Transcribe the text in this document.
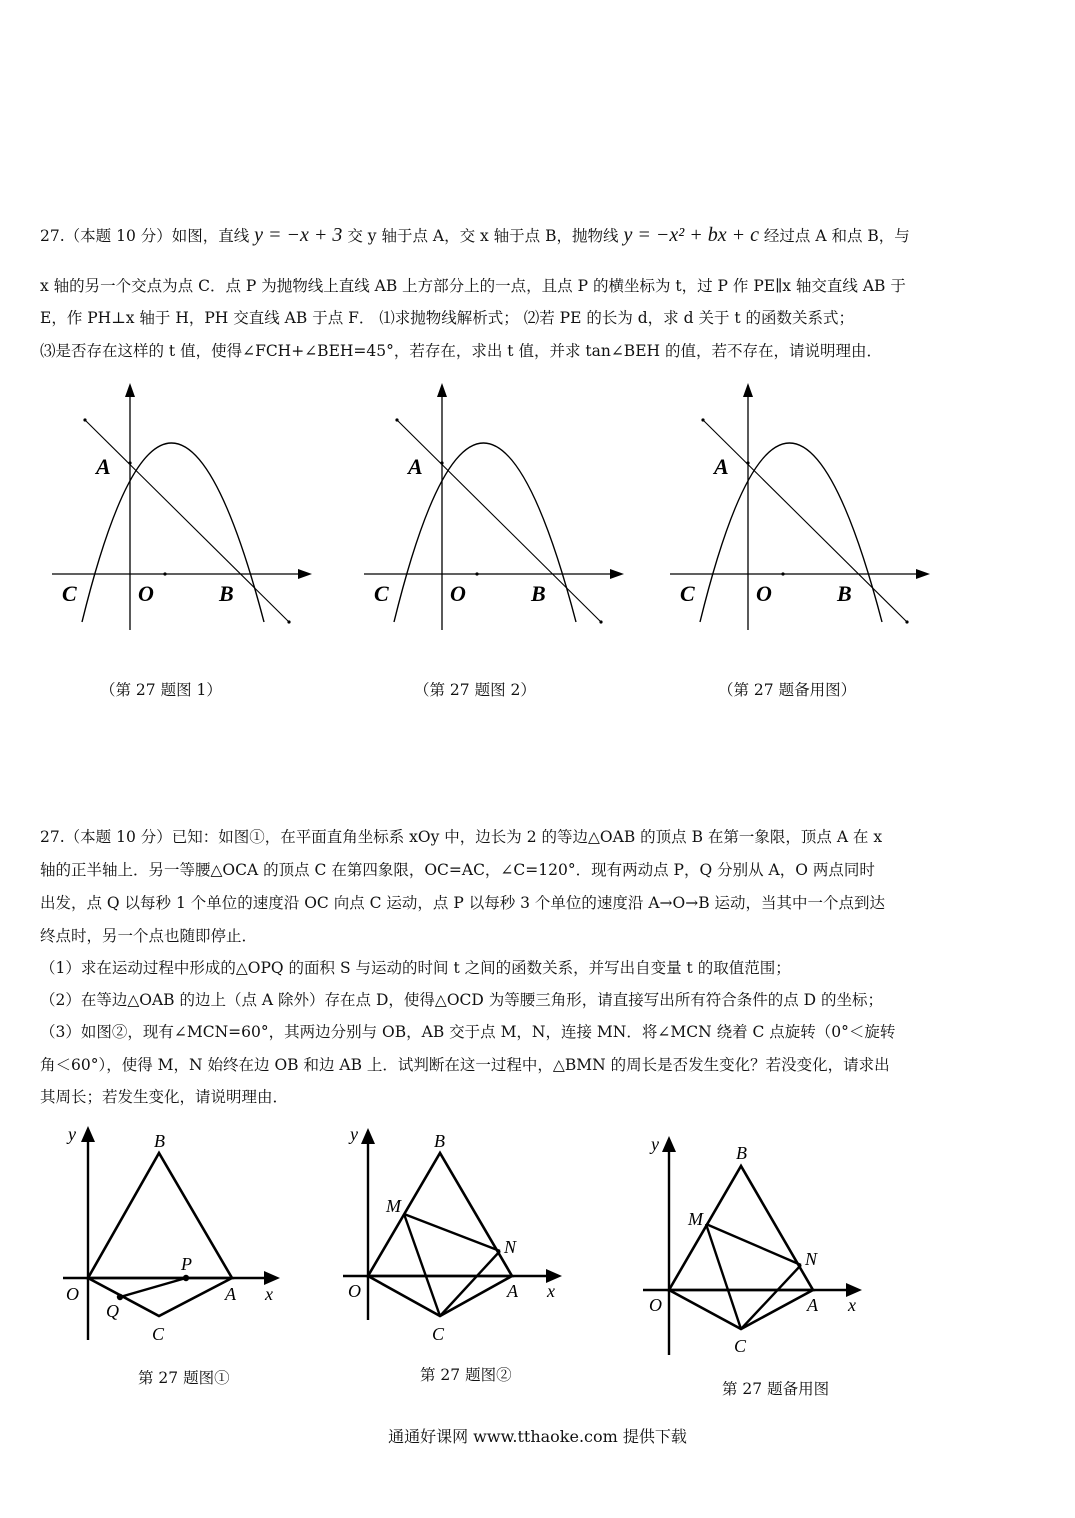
27.（本题 10 分）如图，直线 y = −x + 3 交 y 轴于点 A，交 x 轴于点 B，抛物线 y = −x² + bx + c 经过点 A 和点 B，与
x 轴的另一个交点为点 C．点 P 为抛物线上直线 AB 上方部分上的一点，且点 P 的横坐标为 t，过 P 作 PE∥x 轴交直线 AB 于
E，作 PH⊥x 轴于 H，PH 交直线 AB 于点 F． ⑴求抛物线解析式； ⑵若 PE 的长为 d，求 d 关于 t 的函数关系式；
⑶是否存在这样的 t 值，使得∠FCH+∠BEH=45°，若存在，求出 t 值，并求 tan∠BEH 的值，若不存在，请说明理由．
A
C	O	B
A
C	O	B
A
C	O	B
（第 27 题图 1）	（第 27 题图 2）	（第 27 题备用图）
27.（本题 10 分）已知：如图①，在平面直角坐标系 xOy 中，边长为 2 的等边△OAB 的顶点 B 在第一象限，顶点 A 在 x
轴的正半轴上．另一等腰△OCA 的顶点 C 在第四象限，OC=AC，∠C=120°．现有两动点 P，Q 分别从 A，O 两点同时
出发，点 Q 以每秒 1 个单位的速度沿 OC 向点 C 运动，点 P 以每秒 3 个单位的速度沿 A→O→B 运动，当其中一个点到达
终点时，另一个点也随即停止．
（1）求在运动过程中形成的△OPQ 的面积 S 与运动的时间 t 之间的函数关系，并写出自变量 t 的取值范围；
（2）在等边△OAB 的边上（点 A 除外）存在点 D，使得△OCD 为等腰三角形，请直接写出所有符合条件的点 D 的坐标；
（3）如图②，现有∠MCN=60°，其两边分别与 OB，AB 交于点 M，N，连接 MN．将∠MCN 绕着 C 点旋转（0°＜旋转
角＜60°），使得 M，N 始终在边 OB 和边 AB 上．试判断在这一过程中，△BMN 的周长是否发生变化？若没变化，请求出
其周长；若发生变化，请说明理由．
y	B
P
O
Q
A x
C
y	B
M
N
O	A x
C
y	B
M
N
O	A x
C
第 27 题图①	第 27 题图②
第 27 题备用图
通通好课网 www.tthaoke.com 提供下载
